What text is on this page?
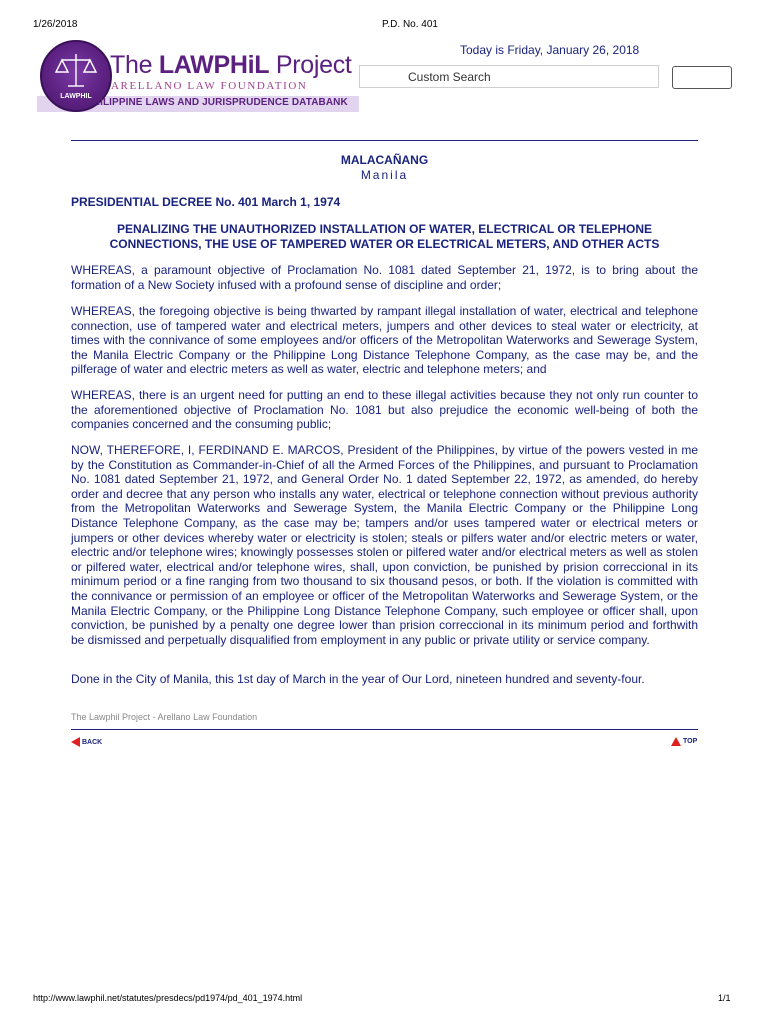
1/26/2018	P.D. No. 401
LAWPHIL
The LAWPHiL Project
ARELLANO LAW FOUNDATION
PHILIPPINE LAWS AND JURISPRUDENCE DATABANK
Today is Friday, January 26, 2018
Custom Search
MALACAÑANG
Manila
PRESIDENTIAL DECREE No. 401 March 1, 1974
PENALIZING THE UNAUTHORIZED INSTALLATION OF WATER, ELECTRICAL OR TELEPHONE
CONNECTIONS, THE USE OF TAMPERED WATER OR ELECTRICAL METERS, AND OTHER ACTS
WHEREAS, a paramount objective of Proclamation No. 1081 dated September 21, 1972, is to bring about the formation of a New Society infused with a profound sense of discipline and order;
WHEREAS, the foregoing objective is being thwarted by rampant illegal installation of water, electrical and telephone connection, use of tampered water and electrical meters, jumpers and other devices to steal water or electricity, at times with the connivance of some employees and/or officers of the Metropolitan Waterworks and Sewerage System, the Manila Electric Company or the Philippine Long Distance Telephone Company, as the case may be, and the pilferage of water and electric meters as well as water, electric and telephone meters; and
WHEREAS, there is an urgent need for putting an end to these illegal activities because they not only run counter to the aforementioned objective of Proclamation No. 1081 but also prejudice the economic well-being of both the companies concerned and the consuming public;
NOW, THEREFORE, I, FERDINAND E. MARCOS, President of the Philippines, by virtue of the powers vested in me by the Constitution as Commander-in-Chief of all the Armed Forces of the Philippines, and pursuant to Proclamation No. 1081 dated September 21, 1972, and General Order No. 1 dated September 22, 1972, as amended, do hereby order and decree that any person who installs any water, electrical or telephone connection without previous authority from the Metropolitan Waterworks and Sewerage System, the Manila Electric Company or the Philippine Long Distance Telephone Company, as the case may be; tampers and/or uses tampered water or electrical meters or jumpers or other devices whereby water or electricity is stolen; steals or pilfers water and/or electric meters or water, electric and/or telephone wires; knowingly possesses stolen or pilfered water and/or electrical meters as well as stolen or pilfered water, electrical and/or telephone wires, shall, upon conviction, be punished by prision correccional in its minimum period or a fine ranging from two thousand to six thousand pesos, or both. If the violation is committed with the connivance or permission of an employee or officer of the Metropolitan Waterworks and Sewerage System, or the Manila Electric Company, or the Philippine Long Distance Telephone Company, such employee or officer shall, upon conviction, be punished by a penalty one degree lower than prision correccional in its minimum period and forthwith be dismissed and perpetually disqualified from employment in any public or private utility or service company.
Done in the City of Manila, this 1st day of March in the year of Our Lord, nineteen hundred and seventy-four.
The Lawphil Project - Arellano Law Foundation
BACK	TOP
http://www.lawphil.net/statutes/presdecs/pd1974/pd_401_1974.html	1/1
